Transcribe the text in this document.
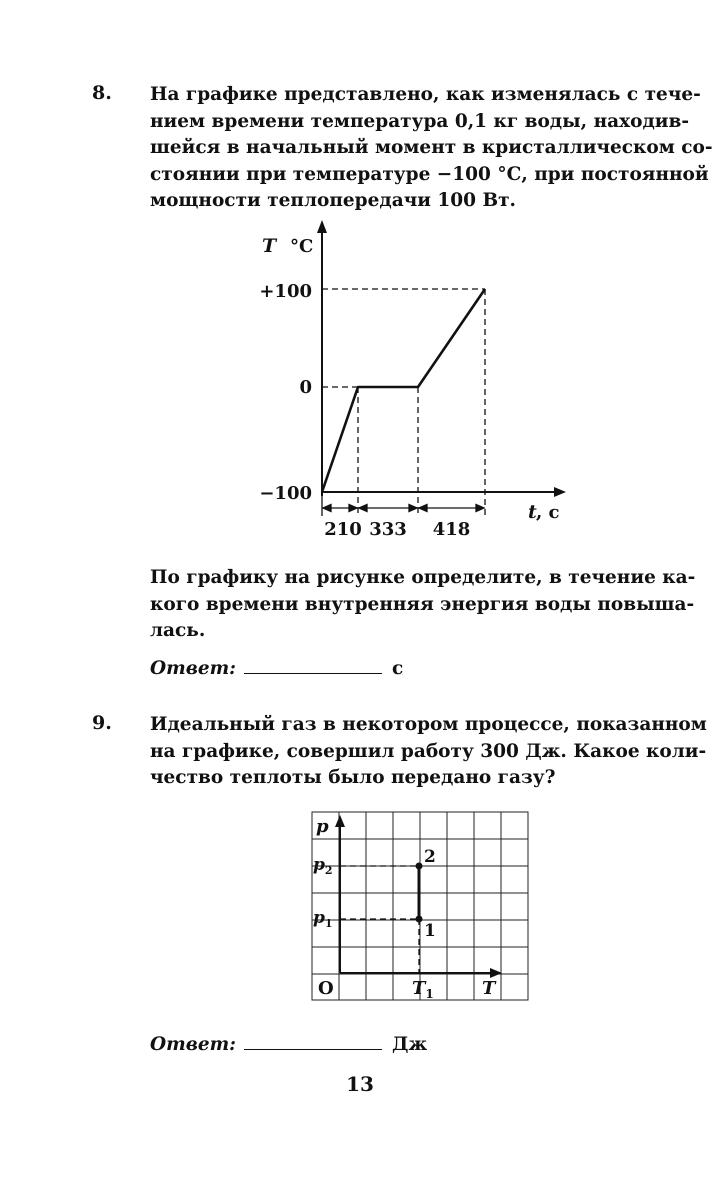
8. На графике представлено, как изменялась с тече-
нием времени температура 0,1 кг воды, находив-
шейся в начальный момент в кристаллическом со-
стоянии при температуре −100 °С, при постоянной
мощности теплопередачи 100 Вт.
T °C
+100
0
−100
210 333 418
t , с
По графику на рисунке определите, в течение ка-
кого времени внутренняя энергия воды повыша-
лась.
Ответ:	с
9. Идеальный газ в некотором процессе, показанном
на графике, совершил работу 300 Дж. Какое коли-
чество теплоты было передано газу?
p
T
O	$T_1$
$p_2$
$p_1$	1
2
Ответ:	Дж
13
